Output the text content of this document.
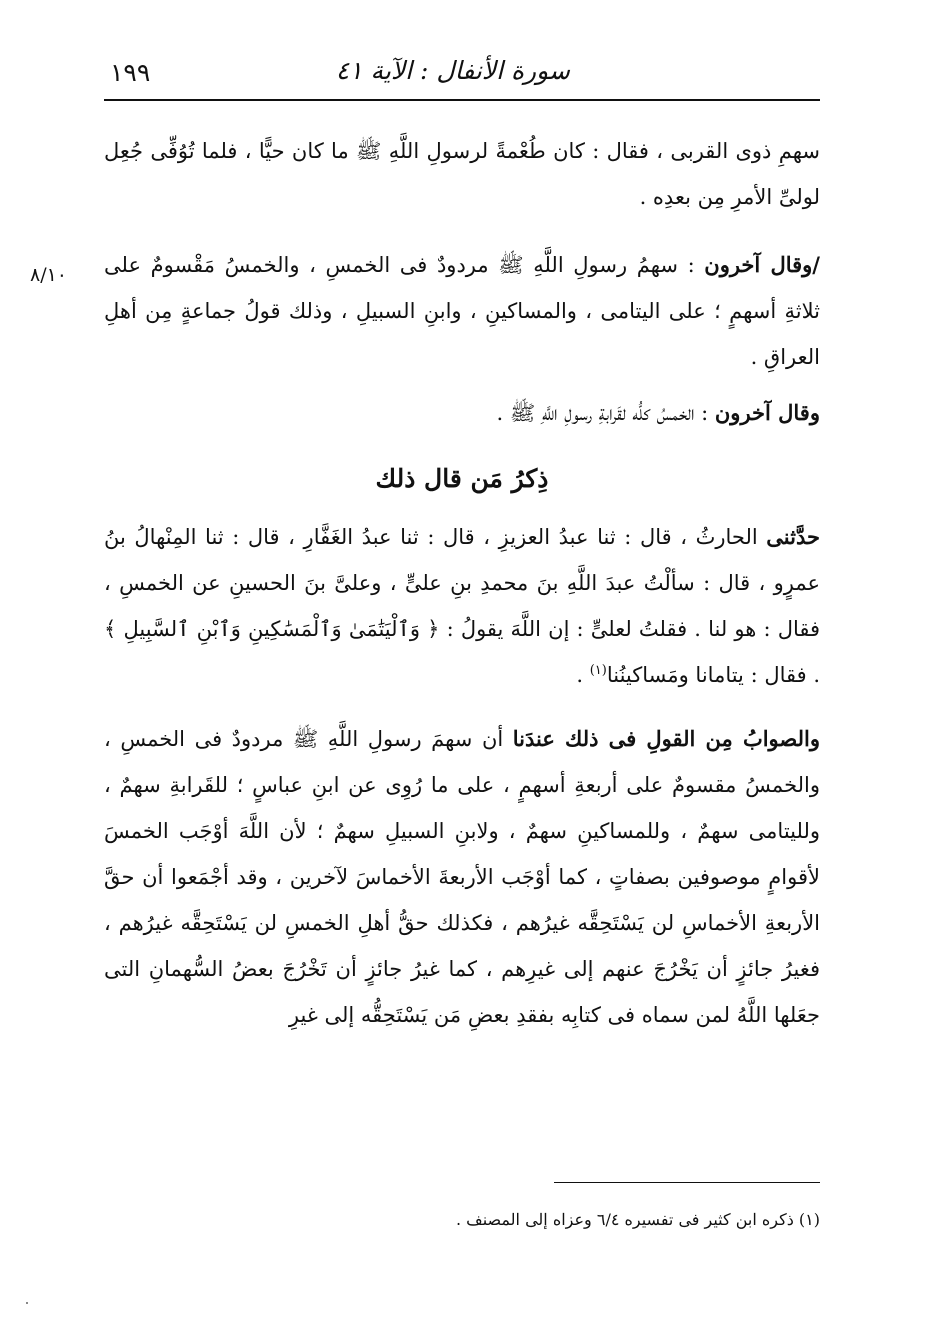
سورة الأنفال : الآية ٤١
١٩٩
٨/١٠

سهمِ ذوى القربى ، فقال : كان طُعْمةً لرسولِ اللَّهِ ﷺ ما كان حيًّا ، فلما تُوُفِّى جُعِل لولىِّ الأمرِ مِن بعدِه .

/وقال آخرون : سهمُ رسولِ اللَّهِ ﷺ مردودٌ فى الخمسِ ، والخمسُ مَقْسومٌ على ثلاثةِ أسهمٍ ؛ على اليتامى ، والمساكينِ ، وابنِ السبيلِ ، وذلك قولُ جماعةٍ مِن أهلِ العراقِ .

وقال آخرون : الخمسُ كلُّه لقَرابةِ رسولِ اللَّهِ ﷺ .

ذِكرُ مَن قال ذلك

حدَّثنى الحارثُ ، قال : ثنا عبدُ العزيزِ ، قال : ثنا عبدُ الغَفَّارِ ، قال : ثنا المِنْهالُ بنُ عمرٍو ، قال : سألْتُ عبدَ اللَّهِ بنَ محمدِ بنِ علىٍّ ، وعلىَّ بنَ الحسينِ عن الخمسِ ، فقال : هو لنا . فقلتُ لعلىٍّ : إن اللَّهَ يقولُ : ﴿ وَٱلْيَتَٰمَىٰ وَٱلْمَسَٰكِينِ وَٱبْنِ ٱلسَّبِيلِ ﴾ . فقال : يتامانا ومَساكينُنا$^{(١)}$ .

والصوابُ مِن القولِ فى ذلك عندَنا أن سهمَ رسولِ اللَّهِ ﷺ مردودٌ فى الخمسِ ، والخمسُ مقسومٌ على أربعةِ أسهمٍ ، على ما رُوِى عن ابنِ عباسٍ ؛ للقَرابةِ سهمٌ ، ولليتامى سهمٌ ، وللمساكينِ سهمٌ ، ولابنِ السبيلِ سهمٌ ؛ لأن اللَّهَ أوْجَب الخمسَ لأقوامٍ موصوفين بصفاتٍ ، كما أوْجَب الأربعةَ الأخماسَ لآخرين ، وقد أجْمَعوا أن حقَّ الأربعةِ الأخماسِ لن يَسْتَحِقَّه غيرُهم ، فكذلك حقُّ أهلِ الخمسِ لن يَسْتَحِقَّه غيرُهم ، فغيرُ جائزٍ أن يَخْرُجَ عنهم إلى غيرِهم ، كما غيرُ جائزٍ أن تَخْرُجَ بعضُ السُّهمانِ التى جعَلها اللَّهُ لمن سماه فى كتابِه بفقدِ بعضِ مَن يَسْتَحِقُّه إلى غيرِ

(١) ذكره ابن كثير فى تفسيره ٦/٤ وعزاه إلى المصنف .
